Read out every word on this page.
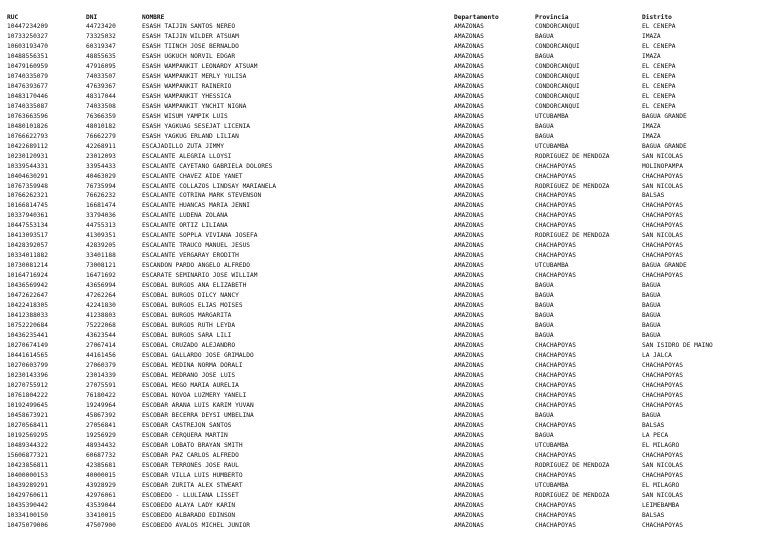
RUC	DNI	NOMBRE	Departamento	Provincia	Distrito
10447234209	44723420	ESASH TAIJIN SANTOS NEREO	AMAZONAS	CONDORCANQUI	EL CENEPA
10733250327	73325032	ESASH TAIJIN WILDER ATSUAM	AMAZONAS	BAGUA	IMAZA
10603193470	60319347	ESASH TIINCH JOSE BERNALDO	AMAZONAS	CONDORCANQUI	EL CENEPA
10488556351	48855635	ESASH UGKUCH NORVIL EDGAR	AMAZONAS	BAGUA	IMAZA
10479160959	47916095	ESASH WAMPANKIT LEONARDY ATSUAM	AMAZONAS	CONDORCANQUI	EL CENEPA
10740335079	74033507	ESASH WAMPANKIT MERLY YULISA	AMAZONAS	CONDORCANQUI	EL CENEPA
10476393677	47639367	ESASH WAMPANKIT RAINERIO	AMAZONAS	CONDORCANQUI	EL CENEPA
10483170446	48317044	ESASH WAMPANKIT YHESSICA	AMAZONAS	CONDORCANQUI	EL CENEPA
10740335087	74033508	ESASH WAMPANKIT YNCHIT NIGNA	AMAZONAS	CONDORCANQUI	EL CENEPA
10763663596	76366359	ESASH WISUM YAMPIK LUIS	AMAZONAS	UTCUBAMBA	BAGUA GRANDE
10480101826	48010182	ESASH YAGKUAG SESEJAT LICENIA	AMAZONAS	BAGUA	IMAZA
10766622793	76662279	ESASH YAGKUG ERLAND LILIAN	AMAZONAS	BAGUA	IMAZA
10422689112	42268911	ESCAJADILLO ZUTA JIMMY	AMAZONAS	UTCUBAMBA	BAGUA GRANDE
10230120931	23012093	ESCALANTE ALEGRIA LLOYSI	AMAZONAS	RODRIGUEZ DE MENDOZA	SAN NICOLAS
10339544331	33954433	ESCALANTE CAYETANO GABRIELA DOLORES	AMAZONAS	CHACHAPOYAS	MOLINOPAMPA
10404630291	40463029	ESCALANTE CHAVEZ AIDE YANET	AMAZONAS	CHACHAPOYAS	CHACHAPOYAS
10767359948	76735994	ESCALANTE COLLAZOS LINDSAY MARIANELA	AMAZONAS	RODRIGUEZ DE MENDOZA	SAN NICOLAS
10766262321	76626232	ESCALANTE COTRINA MARK STEVENSON	AMAZONAS	CHACHAPOYAS	BALSAS
10166814745	16681474	ESCALANTE HUANCAS MARIA JENNI	AMAZONAS	CHACHAPOYAS	CHACHAPOYAS
10337940361	33794036	ESCALANTE LUDEÑA ZOLANA	AMAZONAS	CHACHAPOYAS	CHACHAPOYAS
10447553134	44755313	ESCALANTE ORTIZ LILIANA	AMAZONAS	CHACHAPOYAS	CHACHAPOYAS
10413093517	41309351	ESCALANTE SOPPLA VIVIANA JOSEFA	AMAZONAS	RODRIGUEZ DE MENDOZA	SAN NICOLAS
10428392057	42839205	ESCALANTE TRAUCO MANUEL JESUS	AMAZONAS	CHACHAPOYAS	CHACHAPOYAS
10334011882	33401188	ESCALANTE VERGARAY ERODITH	AMAZONAS	CHACHAPOYAS	CHACHAPOYAS
10730081214	73008121	ESCANDON PARDO ANGELO ALFREDO	AMAZONAS	UTCUBAMBA	BAGUA GRANDE
10164716924	16471692	ESCARATE SEMINARIO JOSE WILLIAM	AMAZONAS	CHACHAPOYAS	CHACHAPOYAS
10436569942	43656994	ESCOBAL BURGOS ANA ELIZABETH	AMAZONAS	BAGUA	BAGUA
10472622647	47262264	ESCOBAL BURGOS DILCY NANCY	AMAZONAS	BAGUA	BAGUA
10422418305	42241830	ESCOBAL BURGOS ELIAS MOISES	AMAZONAS	BAGUA	BAGUA
10412388033	41238803	ESCOBAL BURGOS MARGARITA	AMAZONAS	BAGUA	BAGUA
10752220684	75222068	ESCOBAL BURGOS RUTH LEYDA	AMAZONAS	BAGUA	BAGUA
10436235441	43623544	ESCOBAL BURGOS SARA LILI	AMAZONAS	BAGUA	BAGUA
10270674149	27067414	ESCOBAL CRUZADO ALEJANDRO	AMAZONAS	CHACHAPOYAS	SAN ISIDRO DE MAINO
10441614565	44161456	ESCOBAL GALLARDO JOSE GRIMALDO	AMAZONAS	CHACHAPOYAS	LA JALCA
10270603799	27060379	ESCOBAL MEDINA NORMA DORALI	AMAZONAS	CHACHAPOYAS	CHACHAPOYAS
10230143396	23014339	ESCOBAL MEDRANO JOSE LUIS	AMAZONAS	CHACHAPOYAS	CHACHAPOYAS
10270755912	27075591	ESCOBAL MEGO MARIA AURELIA	AMAZONAS	CHACHAPOYAS	CHACHAPOYAS
10761804222	76180422	ESCOBAL NOVOA LUZMERY YANELI	AMAZONAS	CHACHAPOYAS	CHACHAPOYAS
10192499645	19249964	ESCOBAR ARANA LUIS KARIM YUVAN	AMAZONAS	CHACHAPOYAS	CHACHAPOYAS
10458673921	45867392	ESCOBAR BECERRA DEYSI UMBELINA	AMAZONAS	BAGUA	BAGUA
10270568411	27056841	ESCOBAR CASTREJON SANTOS	AMAZONAS	CHACHAPOYAS	BALSAS
10192569295	19256929	ESCOBAR CERQUERA MARTIN	AMAZONAS	BAGUA	LA PECA
10489344322	48934432	ESCOBAR LOBATO BRAYAN SMITH	AMAZONAS	UTCUBAMBA	EL MILAGRO
15606877321	60687732	ESCOBAR PAZ CARLOS ALFREDO	AMAZONAS	CHACHAPOYAS	CHACHAPOYAS
10423856811	42385681	ESCOBAR TERRONES JOSE RAUL	AMAZONAS	RODRIGUEZ DE MENDOZA	SAN NICOLAS
10400000153	40000015	ESCOBAR VILLA LUIS HUMBERTO	AMAZONAS	CHACHAPOYAS	CHACHAPOYAS
10439289291	43928929	ESCOBAR ZURITA ALEX STWEART	AMAZONAS	UTCUBAMBA	EL MILAGRO
10429760611	42976061	ESCOBEDO - LLULIANA LISSET	AMAZONAS	RODRIGUEZ DE MENDOZA	SAN NICOLAS
10435390442	43539044	ESCOBEDO ALAYA LADY KARIN	AMAZONAS	CHACHAPOYAS	LEIMEBAMBA
10334100150	33410015	ESCOBEDO ALBARADO EDINSON	AMAZONAS	CHACHAPOYAS	BALSAS
10475079006	47507900	ESCOBEDO AVALOS MICHEL JUNIOR	AMAZONAS	CHACHAPOYAS	CHACHAPOYAS
